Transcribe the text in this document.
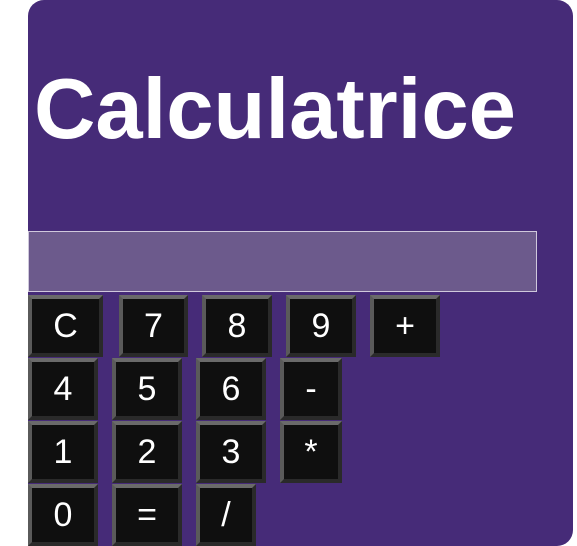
Calculatrice
C	7	8	9	+
4	5	6	-
1	2	3	*
0	=	/
